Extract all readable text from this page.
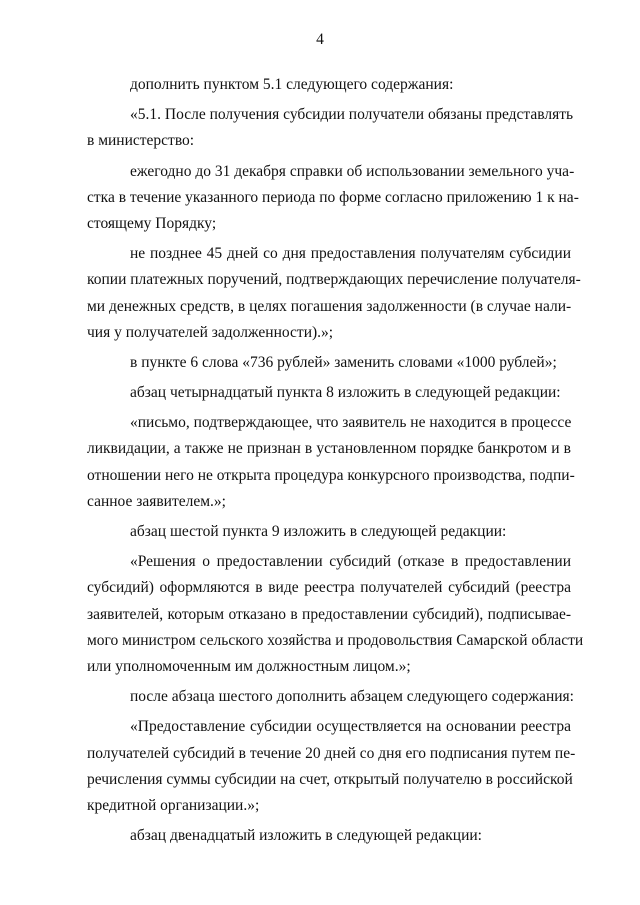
4
дополнить пунктом 5.1 следующего содержания:
«5.1. После получения субсидии получатели обязаны представлять
в министерство:
ежегодно до 31 декабря справки об использовании земельного уча-
стка в течение указанного периода по форме согласно приложению 1 к на-
стоящему Порядку;
не позднее 45 дней со дня предоставления получателям субсидии
копии платежных поручений, подтверждающих перечисление получателя-
ми денежных средств, в целях погашения задолженности (в случае нали-
чия у получателей задолженности).»;
в пункте 6 слова «736 рублей» заменить словами «1000 рублей»;
абзац четырнадцатый пункта 8 изложить в следующей редакции:
«письмо, подтверждающее, что заявитель не находится в процессе
ликвидации, а также не признан в установленном порядке банкротом и в
отношении него не открыта процедура конкурсного производства, подпи-
санное заявителем.»;
абзац шестой пункта 9 изложить в следующей редакции:
«Решения о предоставлении субсидий (отказе в предоставлении
субсидий) оформляются в виде реестра получателей субсидий (реестра
заявителей, которым отказано в предоставлении субсидий), подписывае-
мого министром сельского хозяйства и продовольствия Самарской области
или уполномоченным им должностным лицом.»;
после абзаца шестого дополнить абзацем следующего содержания:
«Предоставление субсидии осуществляется на основании реестра
получателей субсидий в течение 20 дней со дня его подписания путем пе-
речисления суммы субсидии на счет, открытый получателю в российской
кредитной организации.»;
абзац двенадцатый изложить в следующей редакции:
